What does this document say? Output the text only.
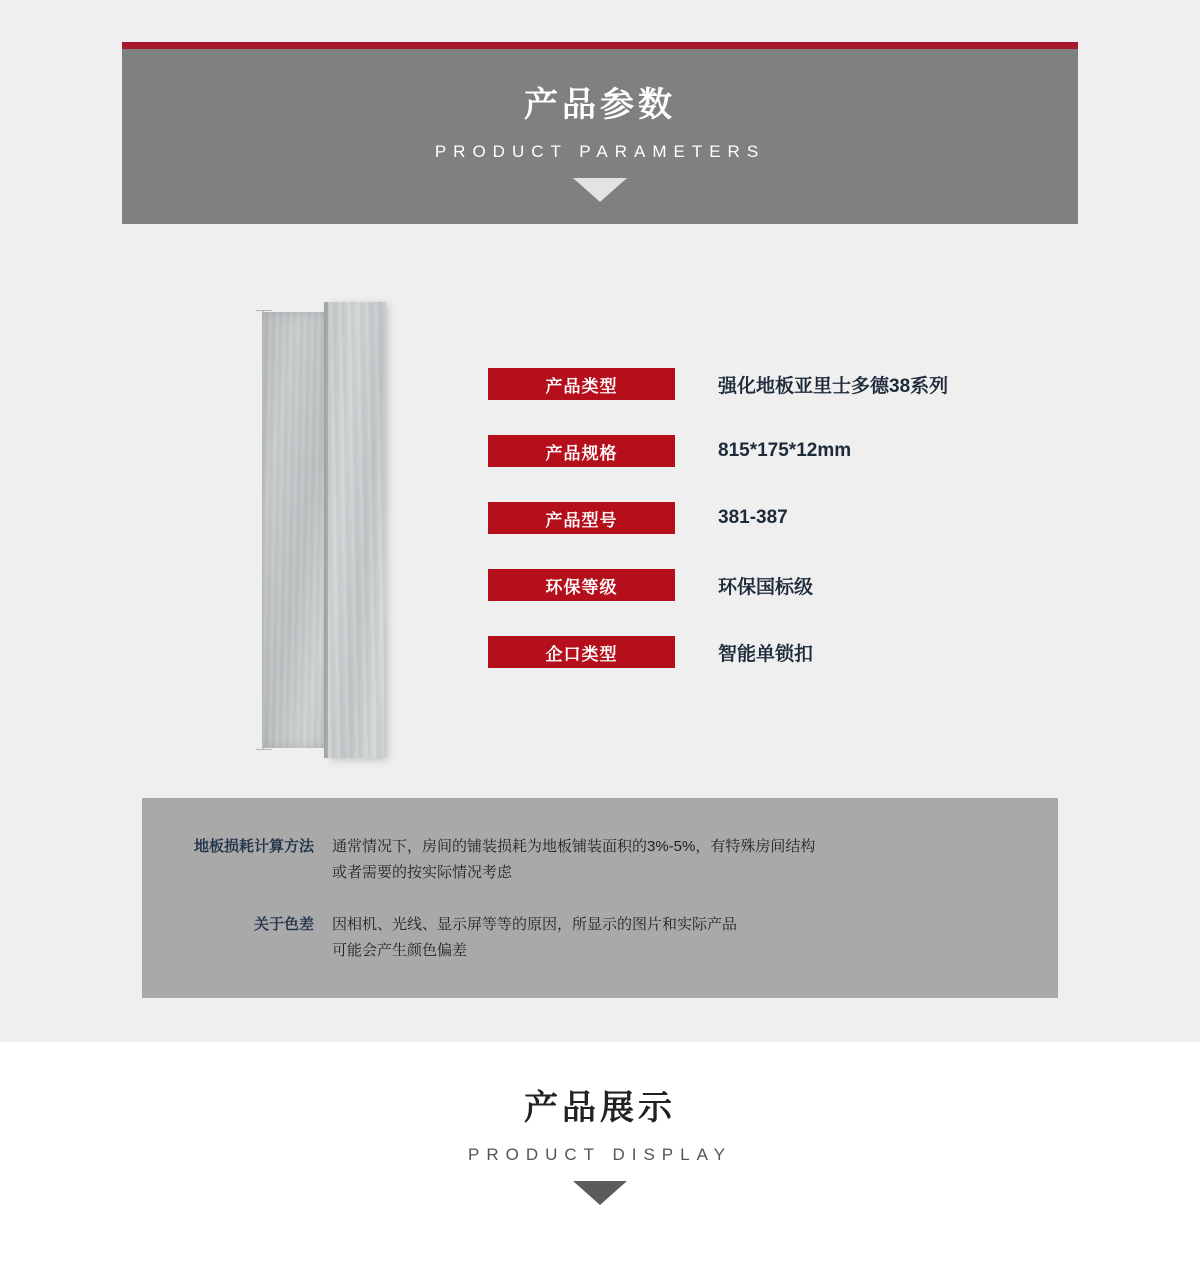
产品参数
PRODUCT PARAMETERS
产品类型	强化地板亚里士多德38系列
产品规格	815*175*12mm
产品型号	381-387
环保等级	环保国标级
企口类型	智能单锁扣
地板损耗计算方法 通常情况下，房间的铺装损耗为地板铺装面积的3%-5%，有特殊房间结构
或者需要的按实际情况考虑
关于色差 因相机、光线、显示屏等等的原因，所显示的图片和实际产品
可能会产生颜色偏差
产品展示
PRODUCT DISPLAY
